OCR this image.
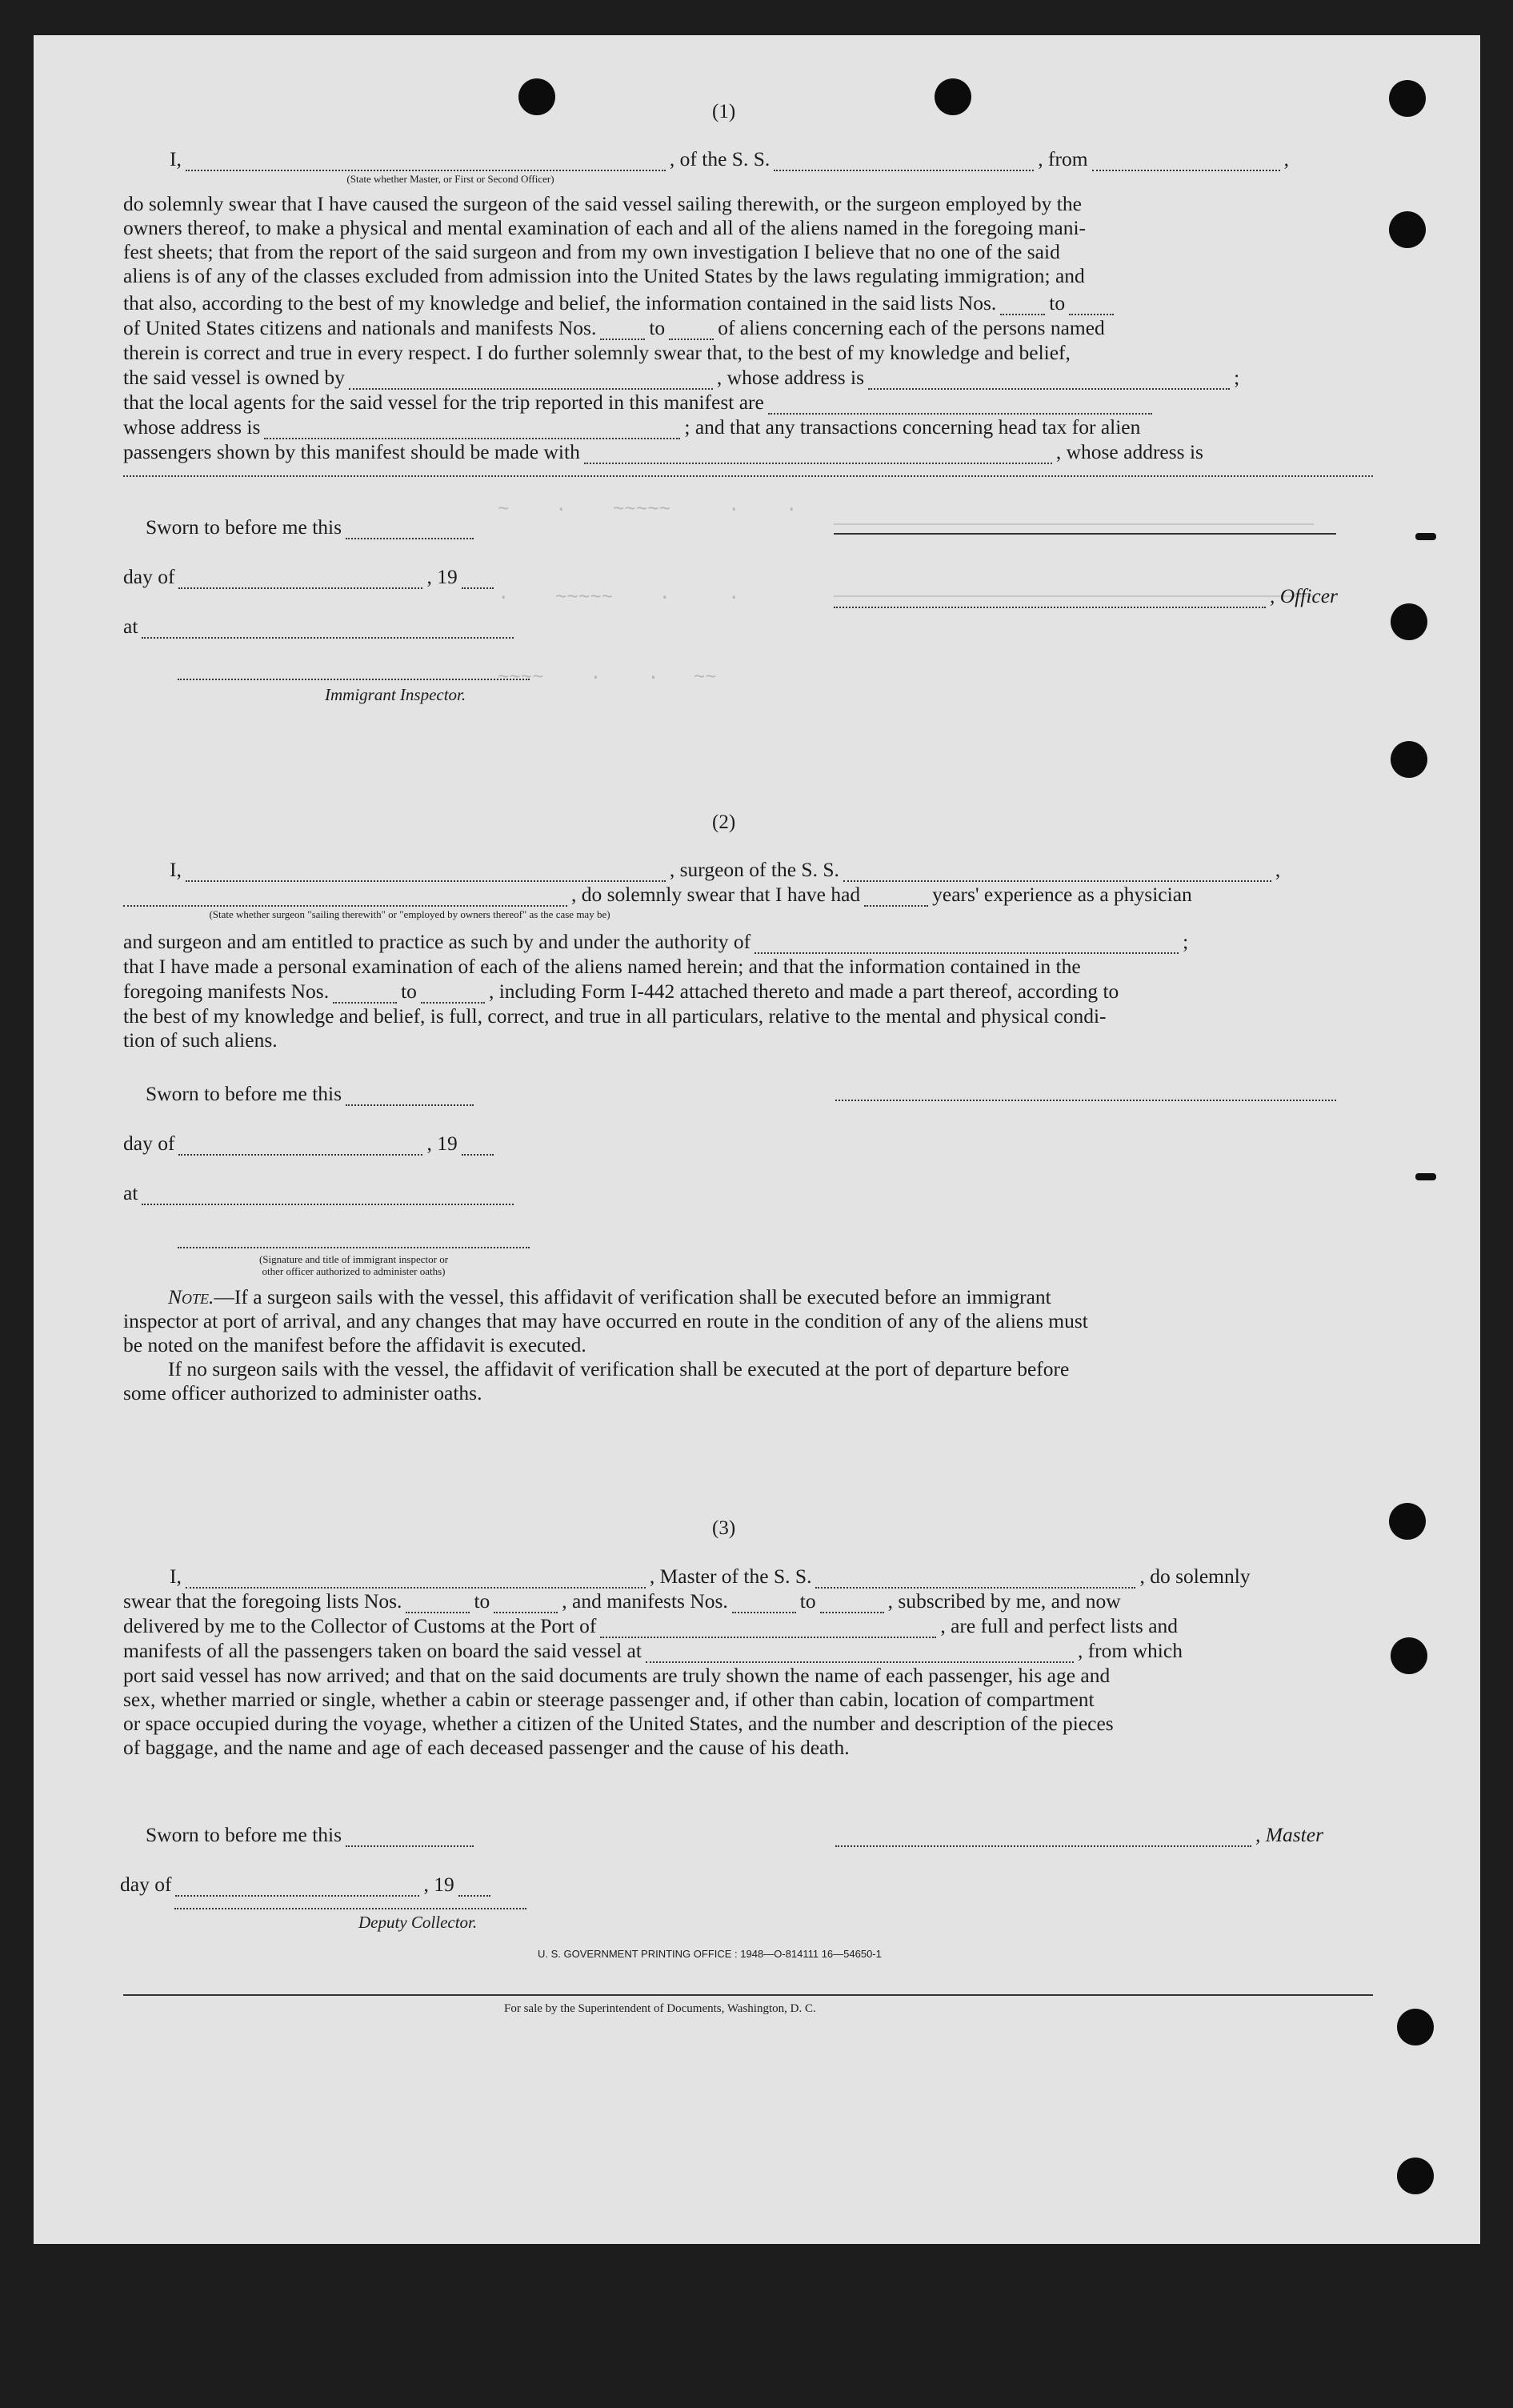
~    ·    ~~~~~     ·    ·
·    ~~~~~    ·     ·
~~~~    ·    ·   ~~
(1)
I,	, of the S. S.	, from	,
(State whether Master, or First or Second Officer)
do solemnly swear that I have caused the surgeon of the said vessel sailing therewith, or the surgeon employed by the
owners thereof, to make a physical and mental examination of each and all of the aliens named in the foregoing mani-
fest sheets; that from the report of the said surgeon and from my own investigation I believe that no one of the said
aliens is of any of the classes excluded from admission into the United States by the laws regulating immigration; and
that also, according to the best of my knowledge and belief, the information contained in the said lists Nos.	to
of United States citizens and nationals and manifests Nos.	to	of aliens concerning each of the persons named
therein is correct and true in every respect. I do further solemnly swear that, to the best of my knowledge and belief,
the said vessel is owned by	, whose address is	;
that the local agents for the said vessel for the trip reported in this manifest are
whose address is	; and that any transactions concerning head tax for alien
passengers shown by this manifest should be made with	, whose address is
Sworn to before me this
day of	, 19
at
Immigrant Inspector.
, Officer
(2)
I,	, surgeon of the S. S.	,
, do solemnly swear that I have had	years' experience as a physician
(State whether surgeon "sailing therewith" or "employed by owners thereof" as the case may be)
and surgeon and am entitled to practice as such by and under the authority of	;
that I have made a personal examination of each of the aliens named herein; and that the information contained in the
foregoing manifests Nos.	to	, including Form I-442 attached thereto and made a part thereof, according to
the best of my knowledge and belief, is full, correct, and true in all particulars, relative to the mental and physical condi-
tion of such aliens.
Sworn to before me this
day of	, 19
at
(Signature and title of immigrant inspector or
other officer authorized to administer oaths)
Note.—If a surgeon sails with the vessel, this affidavit of verification shall be executed before an immigrant
inspector at port of arrival, and any changes that may have occurred en route in the condition of any of the aliens must
be noted on the manifest before the affidavit is executed.
If no surgeon sails with the vessel, the affidavit of verification shall be executed at the port of departure before
some officer authorized to administer oaths.
(3)
I,	, Master of the S. S.	, do solemnly
swear that the foregoing lists Nos.	to	, and manifests Nos.	to	, subscribed by me, and now
delivered by me to the Collector of Customs at the Port of	, are full and perfect lists and
manifests of all the passengers taken on board the said vessel at	, from which
port said vessel has now arrived; and that on the said documents are truly shown the name of each passenger, his age and
sex, whether married or single, whether a cabin or steerage passenger and, if other than cabin, location of compartment
or space occupied during the voyage, whether a citizen of the United States, and the number and description of the pieces
of baggage, and the name and age of each deceased passenger and the cause of his death.
Sworn to before me this	, Master
day of	, 19
Deputy Collector.
U. S. GOVERNMENT PRINTING OFFICE : 1948—O-814111 16—54650-1
For sale by the Superintendent of Documents, Washington, D. C.
